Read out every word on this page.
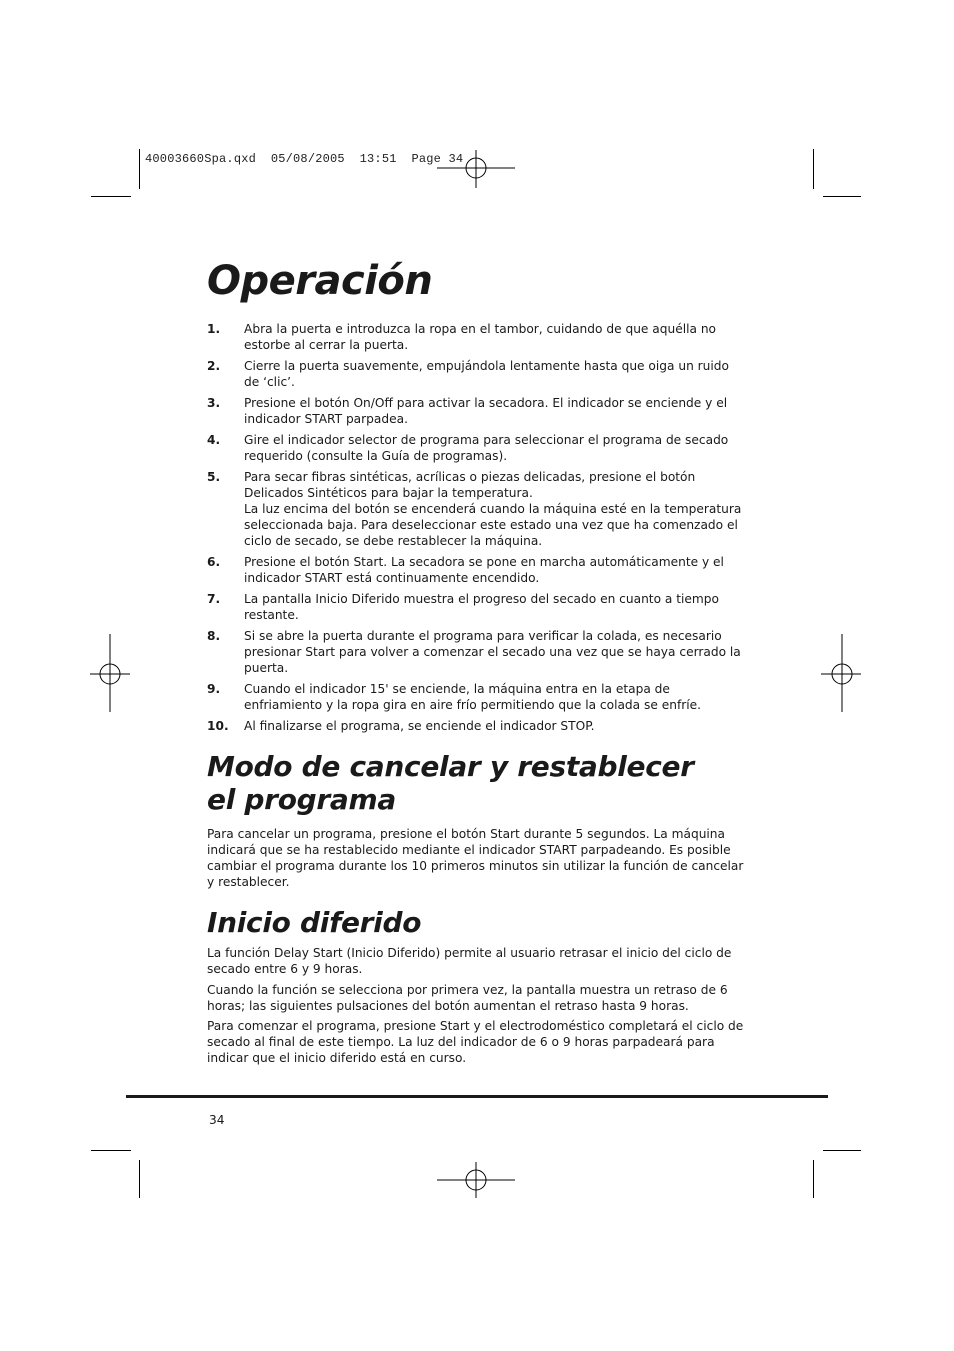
40003660Spa.qxd  05/08/2005  13:51  Page 34
Operación
1. Abra la puerta e introduzca la ropa en el tambor, cuidando de que aquélla no estorbe al cerrar la puerta.
2. Cierre la puerta suavemente, empujándola lentamente hasta que oiga un ruido de ‘clic’.
3. Presione el botón On/Off para activar la secadora. El indicador se enciende y el indicador START parpadea.
4. Gire el indicador selector de programa para seleccionar el programa de secado requerido (consulte la Guía de programas).
5. Para secar fibras sintéticas, acrílicas o piezas delicadas, presione el botón Delicados Sintéticos para bajar la temperatura.
La luz encima del botón se encenderá cuando la máquina esté en la temperatura seleccionada baja. Para deseleccionar este estado una vez que ha comenzado el ciclo de secado, se debe restablecer la máquina.
6. Presione el botón Start. La secadora se pone en marcha automáticamente y el indicador START está continuamente encendido.
7. La pantalla Inicio Diferido muestra el progreso del secado en cuanto a tiempo restante.
8. Si se abre la puerta durante el programa para verificar la colada, es necesario presionar Start para volver a comenzar el secado una vez que se haya cerrado la puerta.
9. Cuando el indicador 15' se enciende, la máquina entra en la etapa de enfriamiento y la ropa gira en aire frío permitiendo que la colada se enfríe.
10. Al finalizarse el programa, se enciende el indicador STOP.
Modo de cancelar y restablecer el programa

Para cancelar un programa, presione el botón Start durante 5 segundos. La máquina indicará que se ha restablecido mediante el indicador START parpadeando. Es posible cambiar el programa durante los 10 primeros minutos sin utilizar la función de cancelar y restablecer.

Inicio diferido

La función Delay Start (Inicio Diferido) permite al usuario retrasar el inicio del ciclo de secado entre 6 y 9 horas.

Cuando la función se selecciona por primera vez, la pantalla muestra un retraso de 6 horas; las siguientes pulsaciones del botón aumentan el retraso hasta 9 horas.

Para comenzar el programa, presione Start y el electrodoméstico completará el ciclo de secado al final de este tiempo. La luz del indicador de 6 o 9 horas parpadeará para indicar que el inicio diferido está en curso.

34
